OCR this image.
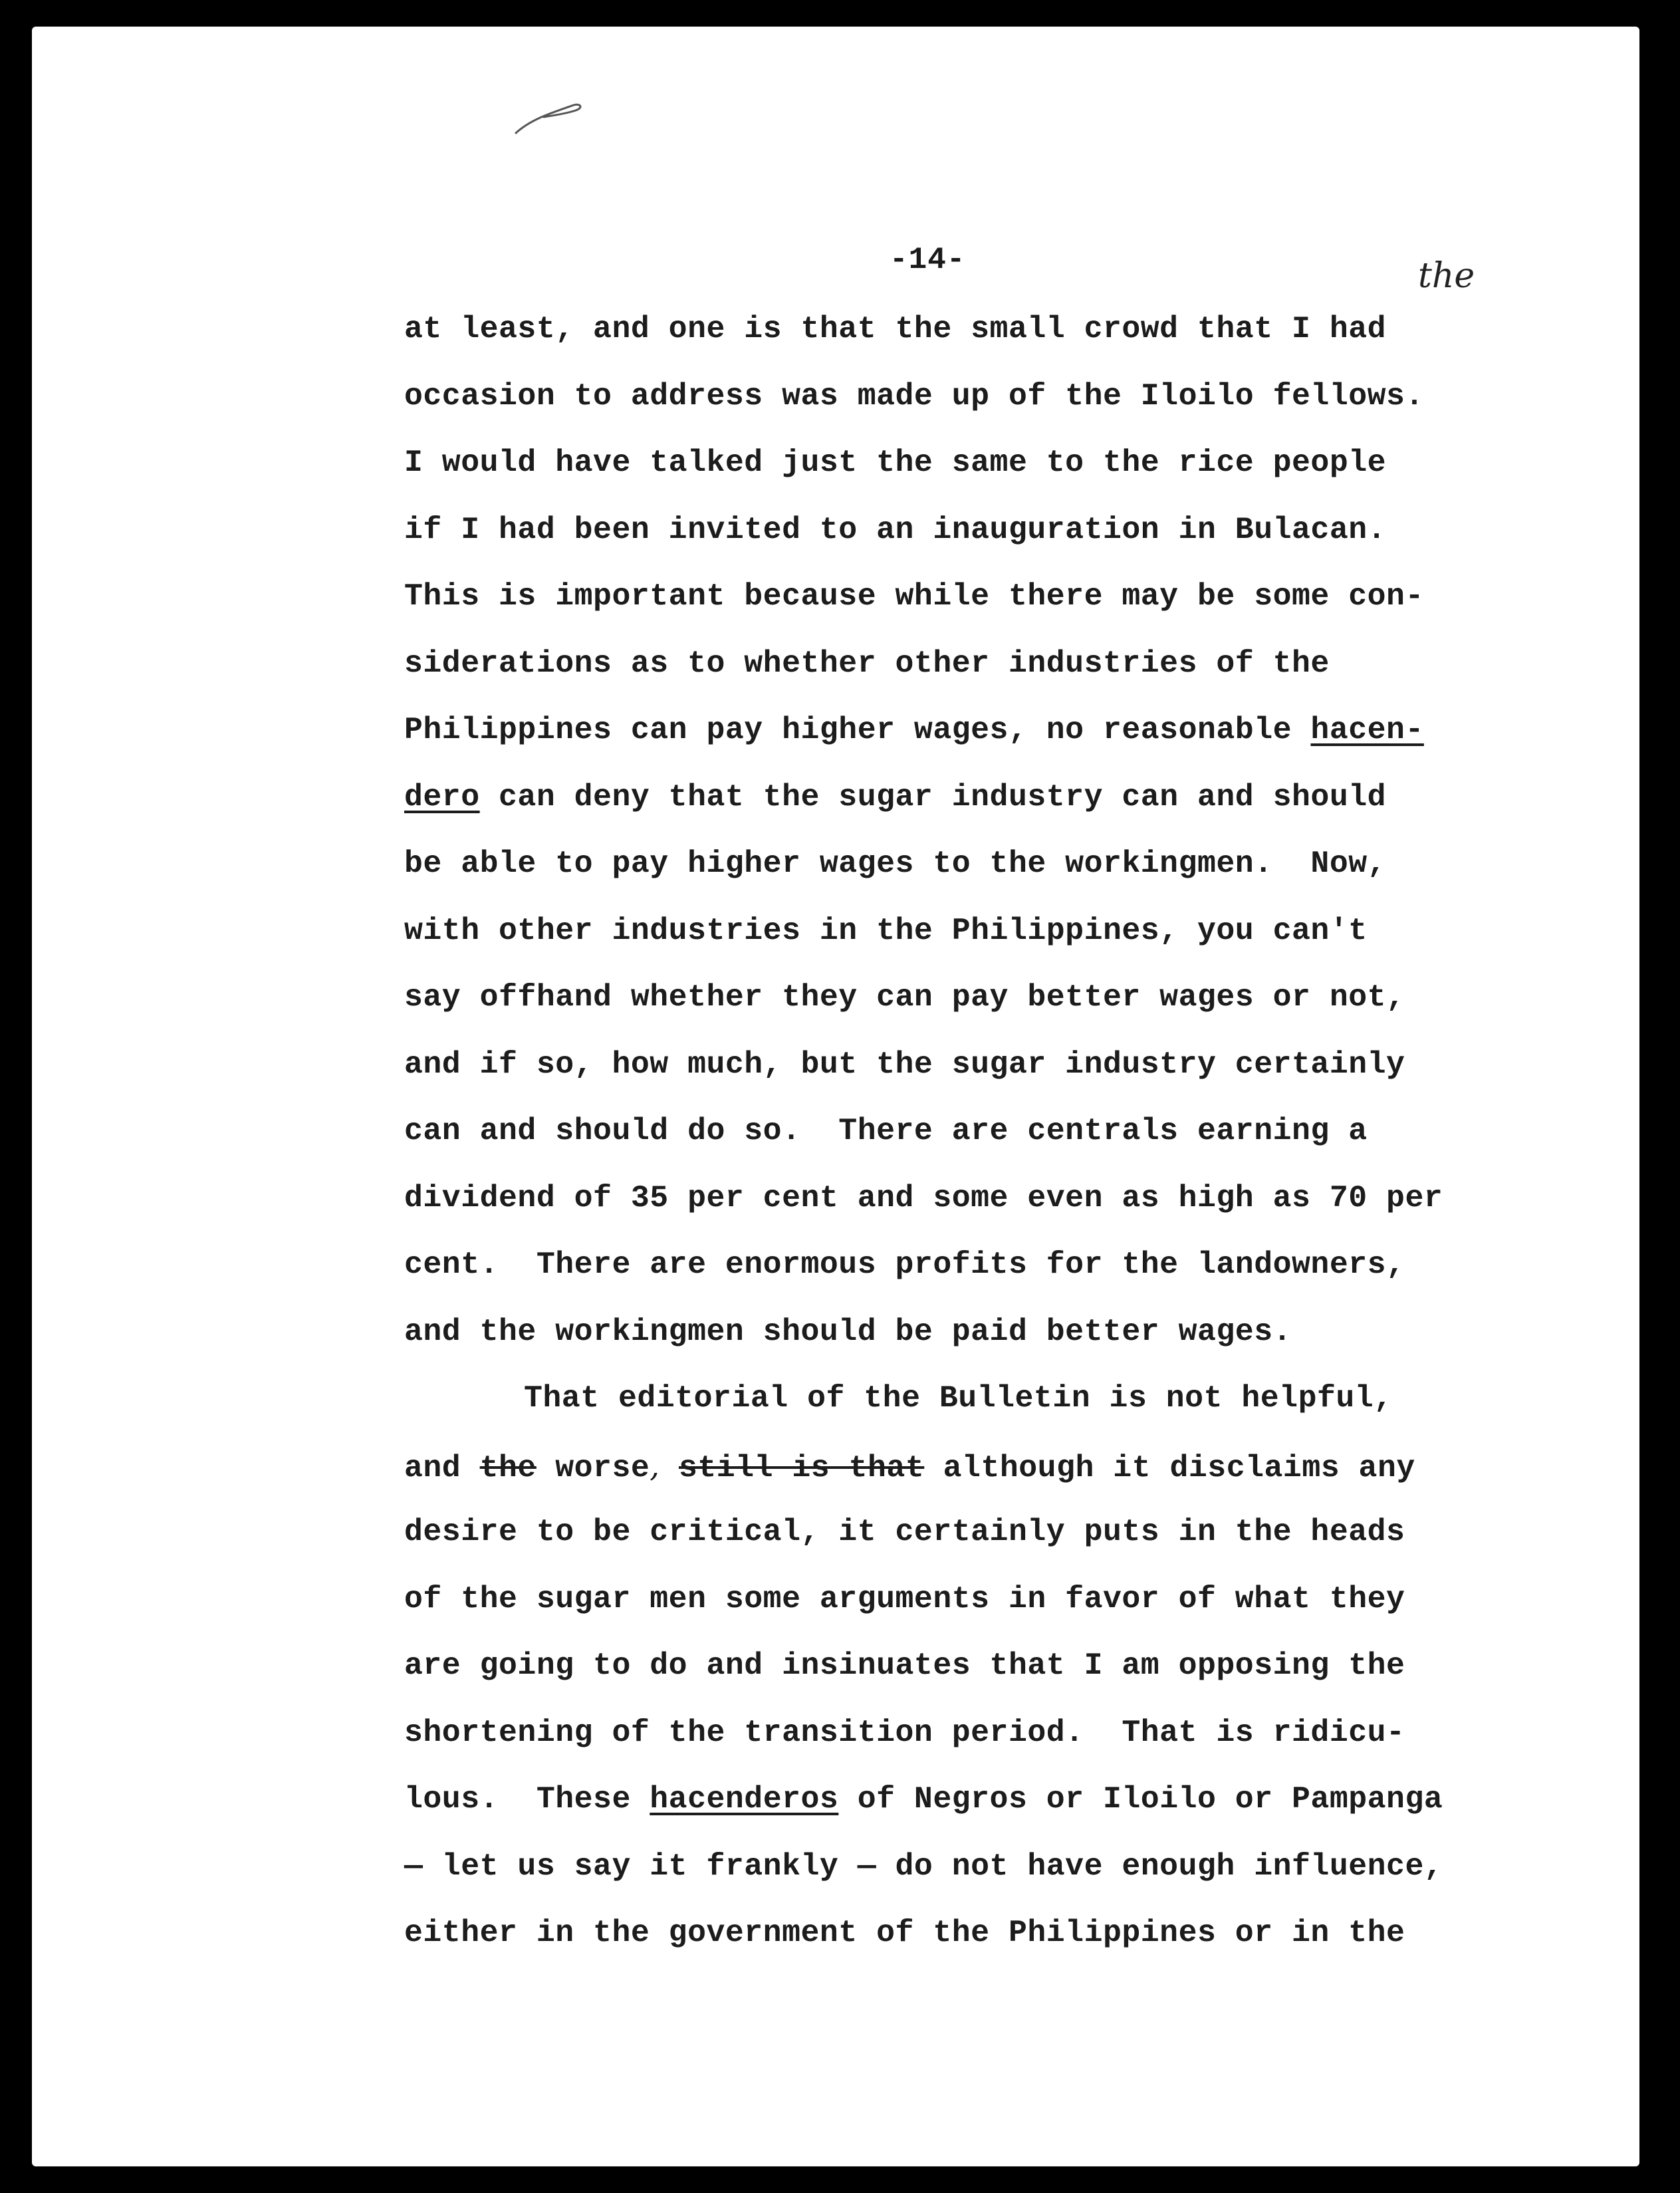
-14-	the
at least, and one is that the small crowd that I had
occasion to address was made up of the Iloilo fellows.
I would have talked just the same to the rice people
if I had been invited to an inauguration in Bulacan.
This is important because while there may be some con-
siderations as to whether other industries of the
Philippines can pay higher wages, no reasonable hacen-
dero can deny that the sugar industry can and should
be able to pay higher wages to the workingmen.  Now,
with other industries in the Philippines, you can't
say offhand whether they can pay better wages or not,
and if so, how much, but the sugar industry certainly
can and should do so.  There are centrals earning a
dividend of 35 per cent and some even as high as 70 per
cent.  There are enormous profits for the landowners,
and the workingmen should be paid better wages.
That editorial of the Bulletin is not helpful,
and the worse, still is that although it disclaims any
desire to be critical, it certainly puts in the heads
of the sugar men some arguments in favor of what they
are going to do and insinuates that I am opposing the
shortening of the transition period.  That is ridicu-
lous.  These hacenderos of Negros or Iloilo or Pampanga
— let us say it frankly — do not have enough influence,
either in the government of the Philippines or in the
